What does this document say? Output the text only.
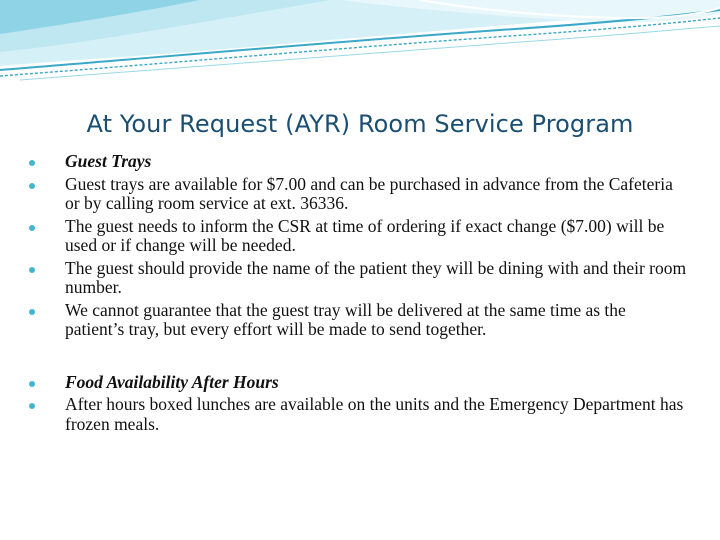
At Your Request (AYR) Room Service Program
Guest Trays
Guest trays are available for $7.00 and can be purchased in advance from the Cafeteria or by calling room service at ext. 36336.
The guest needs to inform the CSR at time of ordering if exact change ($7.00) will be used or if change will be needed.
The guest should provide the name of the patient they will be dining with and their room number.
We cannot guarantee that the guest tray will be delivered at the same time as the patient’s tray, but every effort will be made to send together.
Food Availability After Hours
After hours boxed lunches are available on the units and the Emergency Department has frozen meals.
